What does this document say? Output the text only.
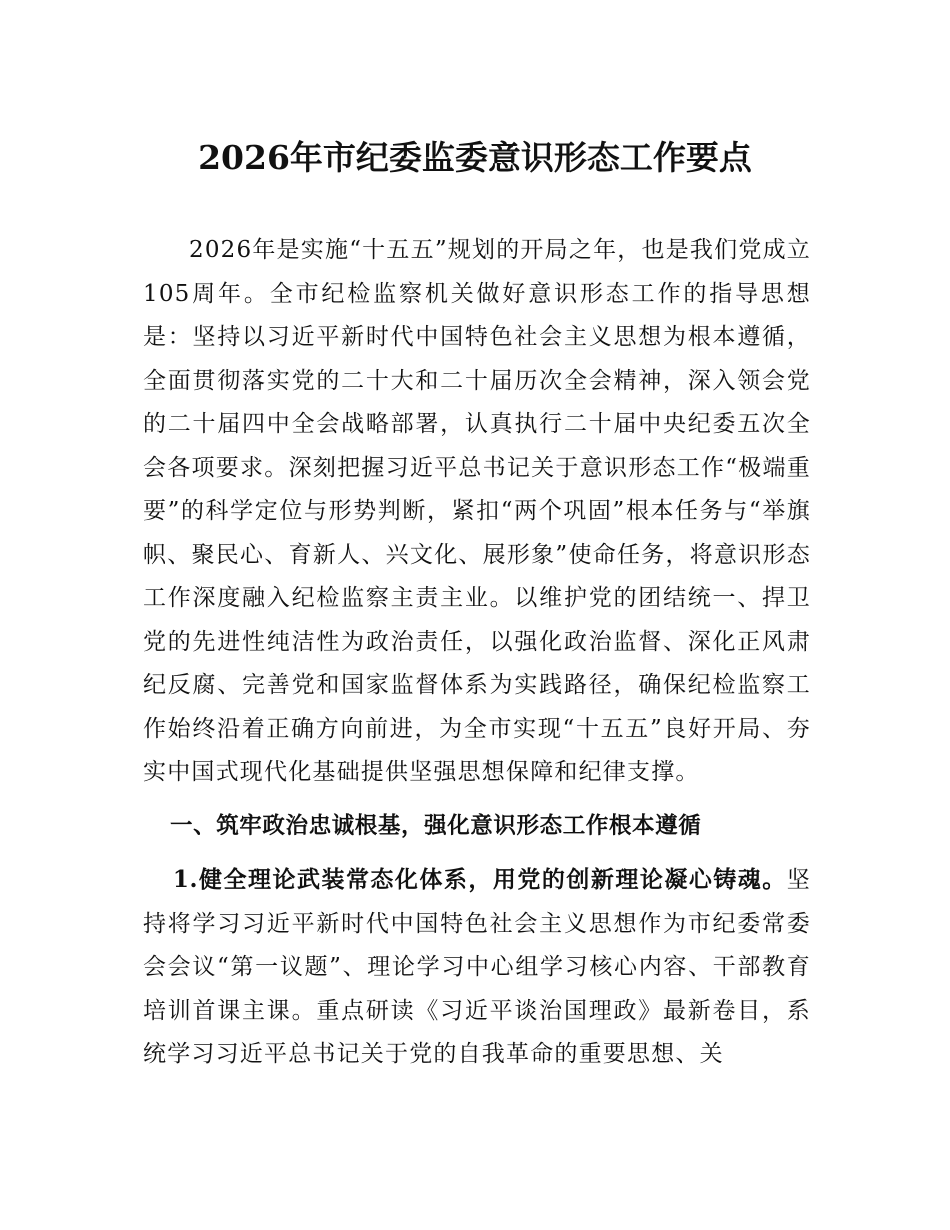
2026年市纪委监委意识形态工作要点

2026年是实施“十五五”规划的开局之年，也是我们党成立105周年。全市纪检监察机关做好意识形态工作的指导思想是：坚持以习近平新时代中国特色社会主义思想为根本遵循，全面贯彻落实党的二十大和二十届历次全会精神，深入领会党的二十届四中全会战略部署，认真执行二十届中央纪委五次全会各项要求。深刻把握习近平总书记关于意识形态工作“极端重要”的科学定位与形势判断，紧扣“两个巩固”根本任务与“举旗帜、聚民心、育新人、兴文化、展形象”使命任务，将意识形态工作深度融入纪检监察主责主业。以维护党的团结统一、捍卫党的先进性纯洁性为政治责任，以强化政治监督、深化正风肃纪反腐、完善党和国家监督体系为实践路径，确保纪检监察工作始终沿着正确方向前进，为全市实现“十五五”良好开局、夯实中国式现代化基础提供坚强思想保障和纪律支撑。

一、筑牢政治忠诚根基，强化意识形态工作根本遵循

1.健全理论武装常态化体系，用党的创新理论凝心铸魂。坚持将学习习近平新时代中国特色社会主义思想作为市纪委常委会会议“第一议题”、理论学习中心组学习核心内容、干部教育培训首课主课。重点研读《习近平谈治国理政》最新卷目，系统学习习近平总书记关于党的自我革命的重要思想、关
